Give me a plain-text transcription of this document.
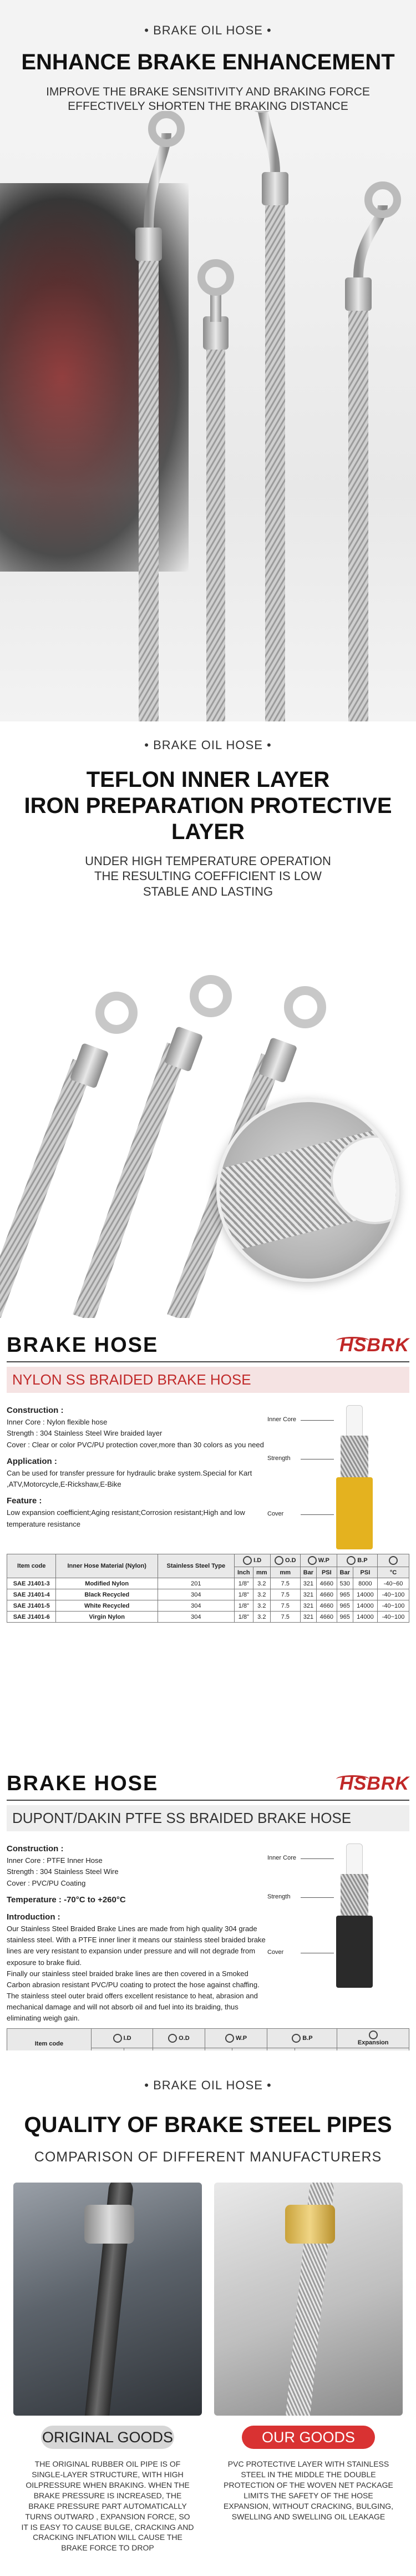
• BRAKE OIL HOSE •
ENHANCE BRAKE ENHANCEMENT
IMPROVE THE BRAKE SENSITIVITY AND BRAKING FORCE
EFFECTIVELY SHORTEN THE BRAKING DISTANCE
• BRAKE OIL HOSE •
TEFLON INNER LAYER
IRON PREPARATION PROTECTIVE
LAYER
UNDER HIGH TEMPERATURE OPERATION
THE RESULTING COEFFICIENT IS LOW
STABLE AND LASTING
BRAKE HOSE	HSBRK
NYLON SS BRAIDED BRAKE HOSE
Construction :
Inner Core : Nylon flexible hose
Strength : 304 Stainless Steel Wire braided layer
Cover : Clear or color PVC/PU protection cover,more than 30 colors as you need
Application :
Can be used for transfer pressure for hydraulic brake system.Special for Kart ,ATV,Motorcycle,E-Rickshaw,E-Bike
Feature :
Low expansion coefficient;Aging resistant;Corrosion resistant;High and low temperature resistance
Inner Core
Strength
Cover
Item code	Inner Hose Material (Nylon)	Stainless Steel Type	I.D		O.D	W.P		B.P		
			Inch	mm	mm	Bar	PSI	Bar	PSI	°C
SAE J1401-3	Modified Nylon	201	1/8"	3.2	7.5	321	4660	530	8000	-40~60
SAE J1401-4	Black Recycled	304	1/8"	3.2	7.5	321	4660	965	14000	-40~100
SAE J1401-5	White Recycled	304	1/8"	3.2	7.5	321	4660	965	14000	-40~100
SAE J1401-6	Virgin Nylon	304	1/8"	3.2	7.5	321	4660	965	14000	-40~100
BRAKE HOSE	HSBRK
DUPONT/DAKIN PTFE SS BRAIDED BRAKE HOSE
Construction :
Inner Core : PTFE Inner Hose
Strength : 304 Stainless Steel Wire
Cover : PVC/PU Coating
Temperature : -70°C to +260°C
Introduction :
Our Stainless Steel Braided Brake Lines are made from high quality 304 grade stainless steel. With a PTFE inner liner it means our stainless steel braided brake lines are very resistant to expansion under pressure and will not degrade from exposure to brake fluid.
Finally our stainless steel braided brake lines are then covered in a Smoked Carbon abrasion resistant PVC/PU coating to protect the hose against chaffing.
The stainless steel outer braid offers excellent resistance to heat, abrasion and mechanical damage and will not absorb oil and fuel into its braiding, thus eliminating weigh gain.
Inner Core
Strength
Cover
Item code	I.D		O.D	W.P		B.P		Expansion

• BRAKE OIL HOSE •
QUALITY OF BRAKE STEEL PIPES
COMPARISON OF DIFFERENT MANUFACTURERS
ORIGINAL GOODS
THE ORIGINAL RUBBER OIL PIPE IS OF SINGLE-LAYER STRUCTURE, WITH HIGH OILPRESSURE WHEN BRAKING. WHEN THE BRAKE PRESSURE IS INCREASED, THE BRAKE PRESSURE PART AUTOMATICALLY TURNS OUTWARD , EXPANSION FORCE, SO IT IS EASY TO CAUSE BULGE, CRACKING AND CRACKING INFLATION WILL CAUSE THE BRAKE FORCE TO DROP
OUR GOODS
PVC PROTECTIVE LAYER WITH STAINLESS STEEL IN THE MIDDLE THE DOUBLE PROTECTION OF THE WOVEN NET PACKAGE LIMITS THE SAFETY OF THE HOSE EXPANSION, WITHOUT CRACKING, BULGING, SWELLING AND SWELLING OIL LEAKAGE
